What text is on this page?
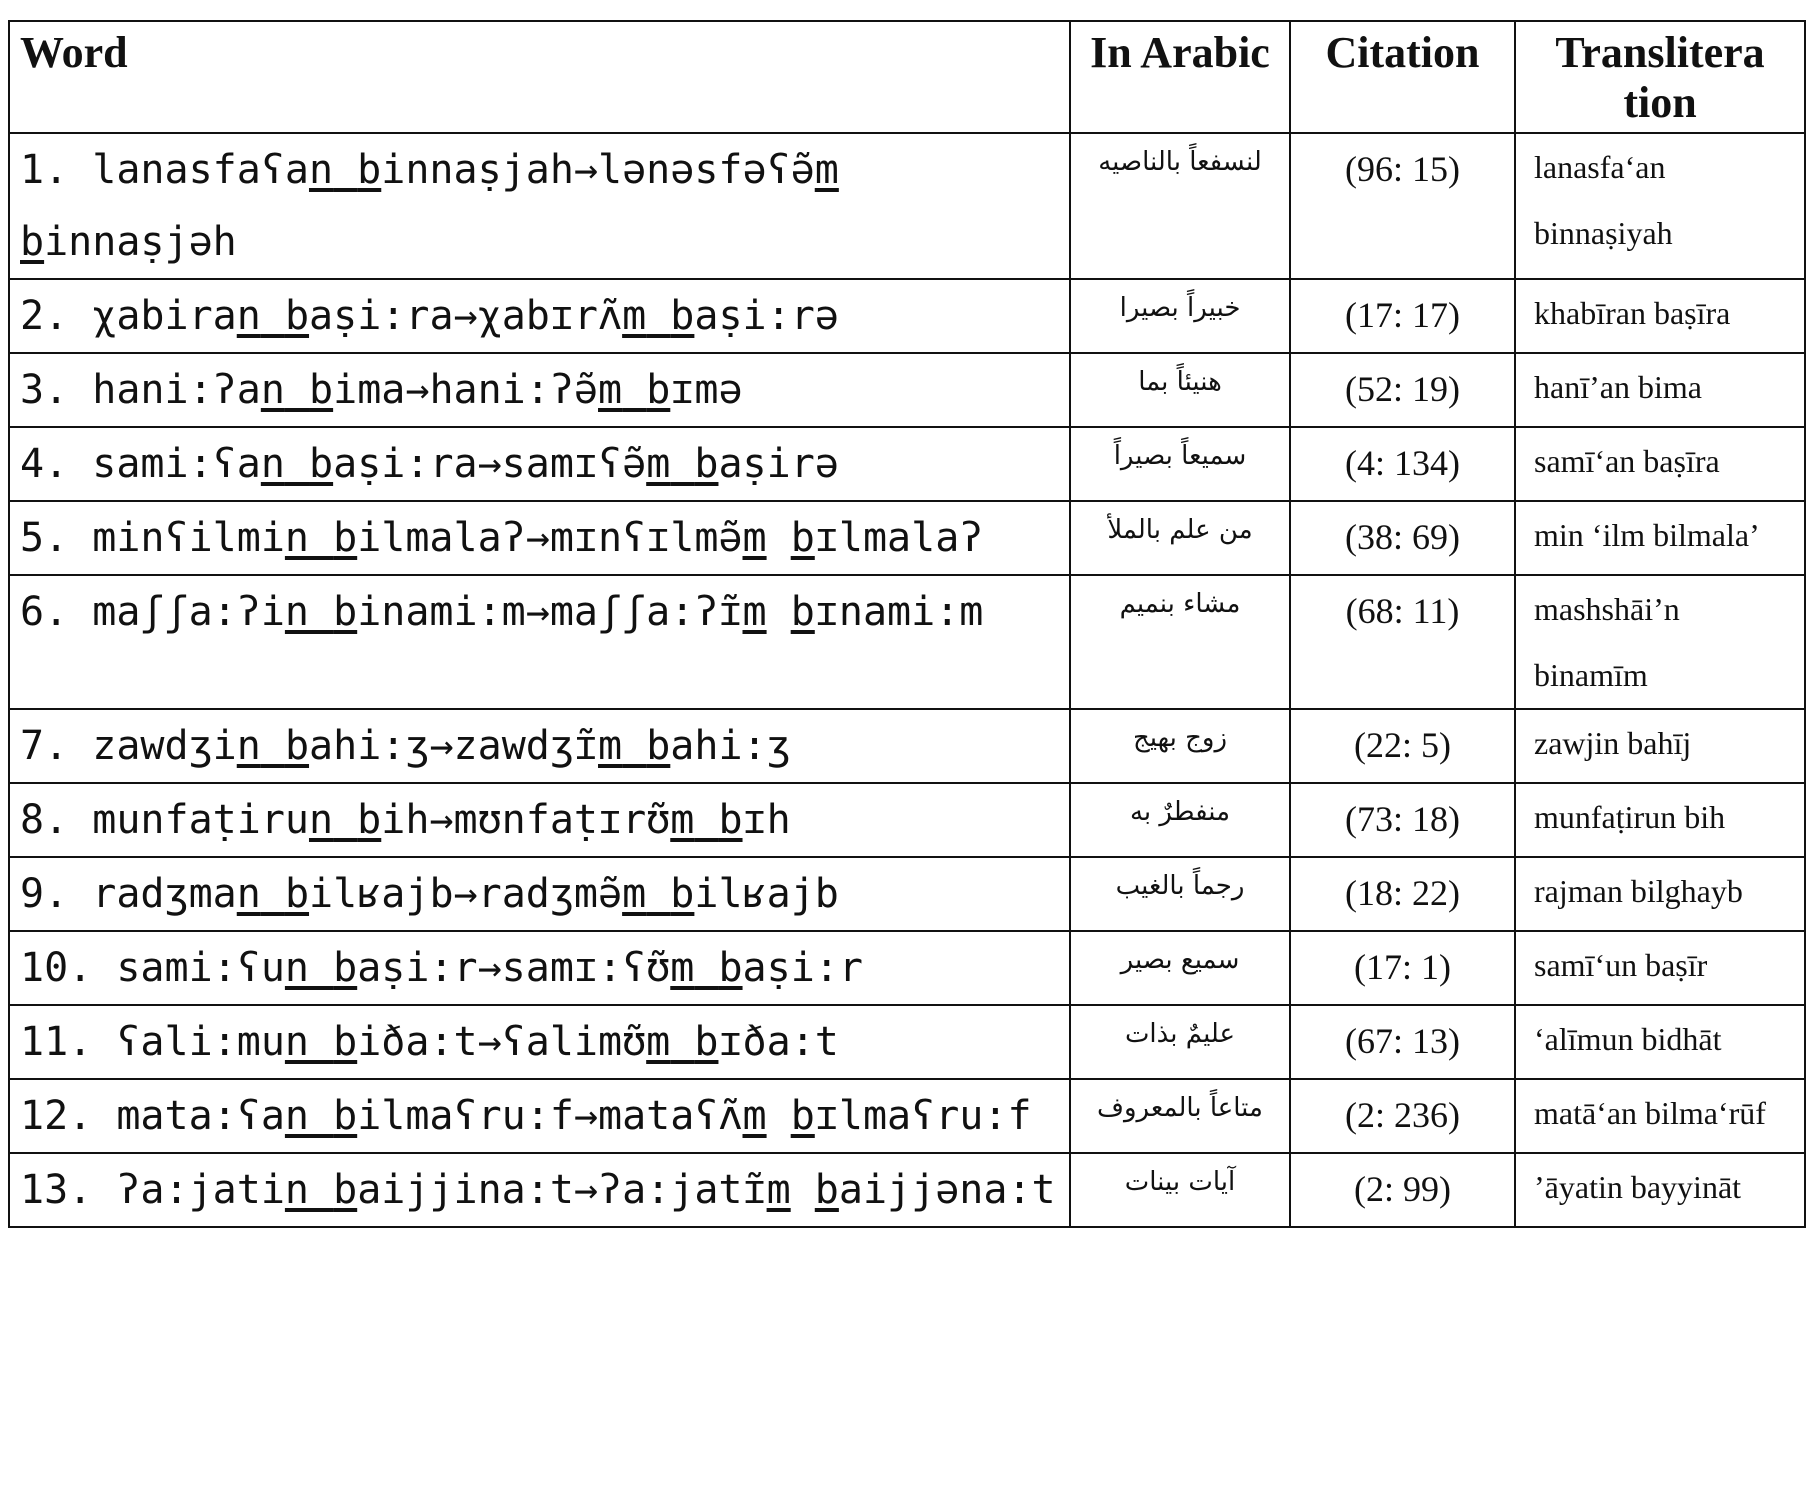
Word	In Arabic	Citation	Translitera tion
1. lanasfaʕan binnaṣjah→lənəsfəʕə̃m binnaṣjəh	لنسفعاً بالناصيه	(96: 15)	lanasfa‘an binnaṣiyah
2. χabiran baṣi:ra→χabɪrʌ̃m baṣi:rə	خبيراً بصيرا	(17: 17)	khabīran baṣīra
3. hani:ʔan bima→hani:ʔə̃m bɪmə	هنيئاً بما	(52: 19)	hanī’an bima
4. sami:ʕan baṣi:ra→samɪʕə̃m baṣirə	سميعاً بصيراً	(4: 134)	samī‘an baṣīra
5. minʕilmin bilmalaʔ→mɪnʕɪlmə̃m bɪlmalaʔ	من علم بالملأ	(38: 69)	min ‘ilm bilmala’
6. maʃʃa:ʔin binami:m→maʃʃa:ʔɪ̃m bɪnami:m	مشاء بنميم	(68: 11)	mashshāi’n binamīm
7. zawdʒin bahi:ʒ→zawdʒɪ̃m bahi:ʒ	زوج بهيج	(22: 5)	zawjin bahīj
8. munfaṭirun bih→mʊnfaṭɪrʊ̃m bɪh	منفطرٌ به	(73: 18)	munfaṭirun bih
9. radʒman bilʁajb→radʒmə̃m bilʁajb	رجماً بالغيب	(18: 22)	rajman bilghayb
10. sami:ʕun baṣi:r→samɪ:ʕʊ̃m baṣi:r	سميع بصير	(17: 1)	samī‘un baṣīr
11. ʕali:mun biða:t→ʕalimʊ̃m bɪða:t	عليمٌ بذات	(67: 13)	‘alīmun bidhāt
12. mata:ʕan bilmaʕru:f→mataʕʌ̃m bɪlmaʕru:f	متاعاً بالمعروف	(2: 236)	matā‘an bilma‘rūf
13. ʔa:jatin baijjina:t→ʔa:jatɪ̃m baijjəna:t	آيات بينات	(2: 99)	’āyatin bayyināt
